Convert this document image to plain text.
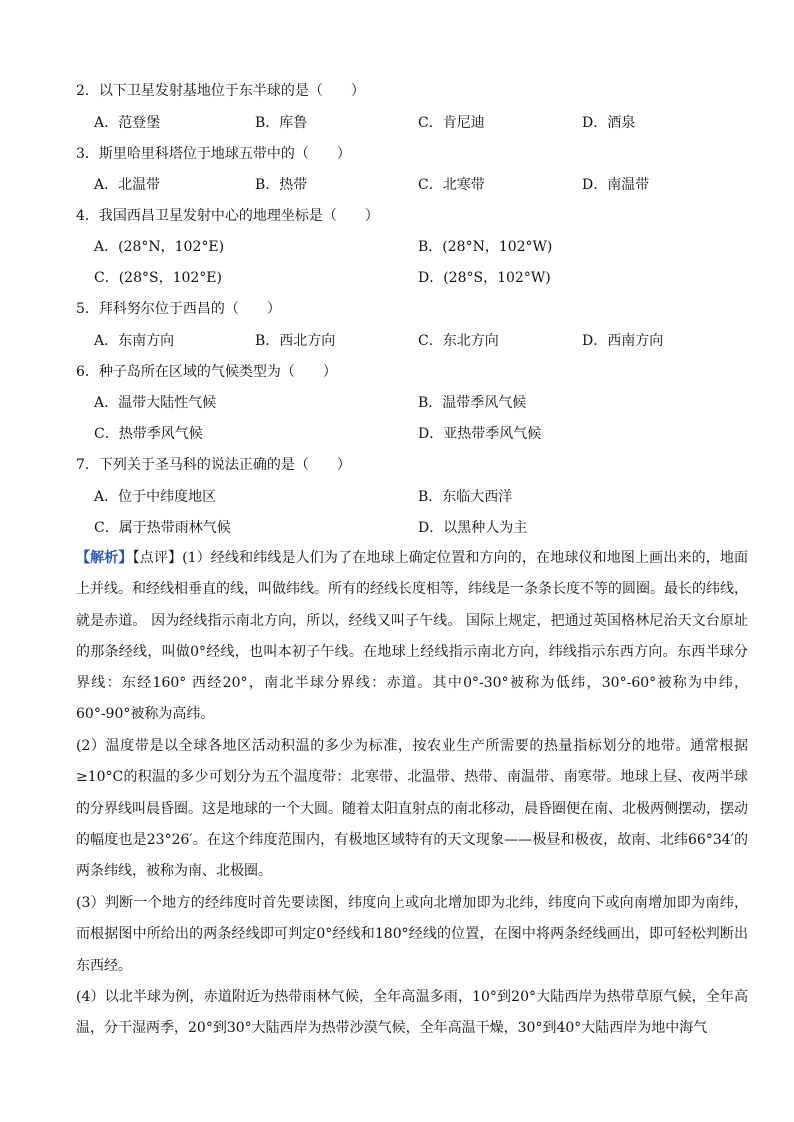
2．以下卫星发射基地位于东半球的是（　　）
A．范登堡	B．库鲁	C．肯尼迪	D．酒泉
3．斯里哈里科塔位于地球五带中的（　　）
A．北温带	B．热带	C．北寒带	D．南温带
4．我国西昌卫星发射中心的地理坐标是（　　）
A．(28°N，102°E)	B．(28°N，102°W)
C．(28°S，102°E)	D．(28°S，102°W)
5．拜科努尔位于西昌的（　　）
A．东南方向	B．西北方向	C．东北方向	D．西南方向
6．种子岛所在区域的气候类型为（　　）
A．温带大陆性气候	B．温带季风气候
C．热带季风气候	D．亚热带季风气候
7．下列关于圣马科的说法正确的是（　　）
A．位于中纬度地区	B．东临大西洋
C．属于热带雨林气候	D．以黑种人为主
【解析】【点评】(1）经线和纬线是人们为了在地球上确定位置和方向的，在地球仪和地图上画出来的，地面上并线。和经线相垂直的线，叫做纬线。所有的经线长度相等，纬线是一条条长度不等的圆圈。最长的纬线，就是赤道。 因为经线指示南北方向，所以，经线又叫子午线。 国际上规定，把通过英国格林尼治天文台原址的那条经线，叫做0°经线，也叫本初子午线。在地球上经线指示南北方向，纬线指示东西方向。东西半球分界线：东经160° 西经20°，南北半球分界线：赤道。其中0°-30°被称为低纬，30°-60°被称为中纬，60°-90°被称为高纬。
(2）温度带是以全球各地区活动积温的多少为标准，按农业生产所需要的热量指标划分的地带。通常根据≥10°C的积温的多少可划分为五个温度带：北寒带、北温带、热带、南温带、南寒带。地球上昼、夜两半球的分界线叫晨昏圈。这是地球的一个大圆。随着太阳直射点的南北移动，晨昏圈便在南、北极两侧摆动，摆动的幅度也是23°26′。在这个纬度范围内，有极地区域特有的天文现象——极昼和极夜，故南、北纬66°34′的两条纬线，被称为南、北极圈。
(3）判断一个地方的经纬度时首先要读图，纬度向上或向北增加即为北纬，纬度向下或向南增加即为南纬，而根据图中所给出的两条经线即可判定0°经线和180°经线的位置，在图中将两条经线画出，即可轻松判断出东西经。
(4）以北半球为例，赤道附近为热带雨林气候，全年高温多雨，10°到20°大陆西岸为热带草原气候，全年高温，分干湿两季，20°到30°大陆西岸为热带沙漠气候，全年高温干燥，30°到40°大陆西岸为地中海气
